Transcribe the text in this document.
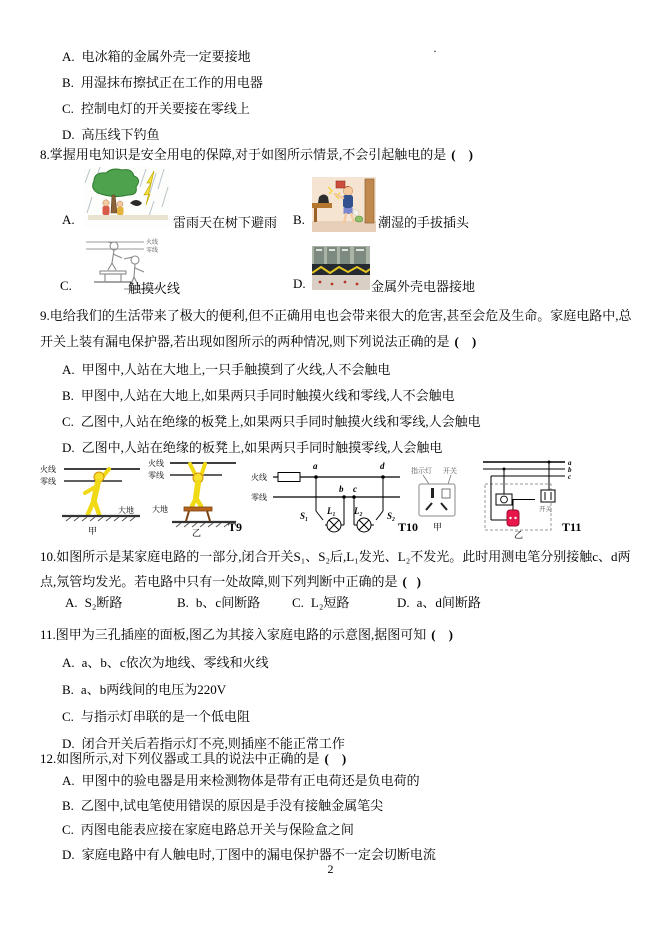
A. 电冰箱的金属外壳一定要接地
B. 用湿抹布擦拭正在工作的用电器
C. 控制电灯的开关要接在零线上
D. 高压线下钓鱼
·
8.掌握用电知识是安全用电的保障,对于如图所示情景,不会引起触电的是 (    )
A.	雷雨天在树下避雨 B.	潮湿的手拔插头
C.
火线
零线
触摸火线	D.	金属外壳电器接地
9.电给我们的生活带来了极大的便利,但不正确用电也会带来很大的危害,甚至会危及生命。家庭电路中,总开关上装有漏电保护器,若出现如图所示的两种情况,则下列说法正确的是 (    )
A. 甲图中,人站在大地上,一只手触摸到了火线,人不会触电
B. 甲图中,人站在大地上,如果两只手同时触摸火线和零线,人不会触电
C. 乙图中,人站在绝缘的板凳上,如果两只手同时触摸火线和零线,人会触电
D. 乙图中,人站在绝缘的板凳上,如果两只手同时触摸零线,人会触电
火线
零线
大地
甲
火线
零线
大地
乙 T9
火线
a	d
零线
b c
S₁ L₁ L₂	S₂
T10
指示灯 开关
甲
a
b
c
开关
乙
T11
10.如图所示是某家庭电路的一部分,闭合开关S₁、S₂后,L₁发光、L₂不发光。此时用测电笔分别接触c、d两点,氖管均发光。若电路中只有一处故障,则下列判断中正确的是 (   )
A. S₂断路	B. b、c间断路 C. L₂短路	D. a、d间断路
11.图甲为三孔插座的面板,图乙为其接入家庭电路的示意图,据图可知 (    )
A. a、b、c依次为地线、零线和火线
B. a、b两线间的电压为220V
C. 与指示灯串联的是一个低电阻
D. 闭合开关后若指示灯不亮,则插座不能正常工作
12.如图所示,对下列仪器或工具的说法中正确的是 (    )
A. 甲图中的验电器是用来检测物体是带有正电荷还是负电荷的
B. 乙图中,试电笔使用错误的原因是手没有接触金属笔尖
C. 丙图电能表应接在家庭电路总开关与保险盒之间
D. 家庭电路中有人触电时,丁图中的漏电保护器不一定会切断电流
2
